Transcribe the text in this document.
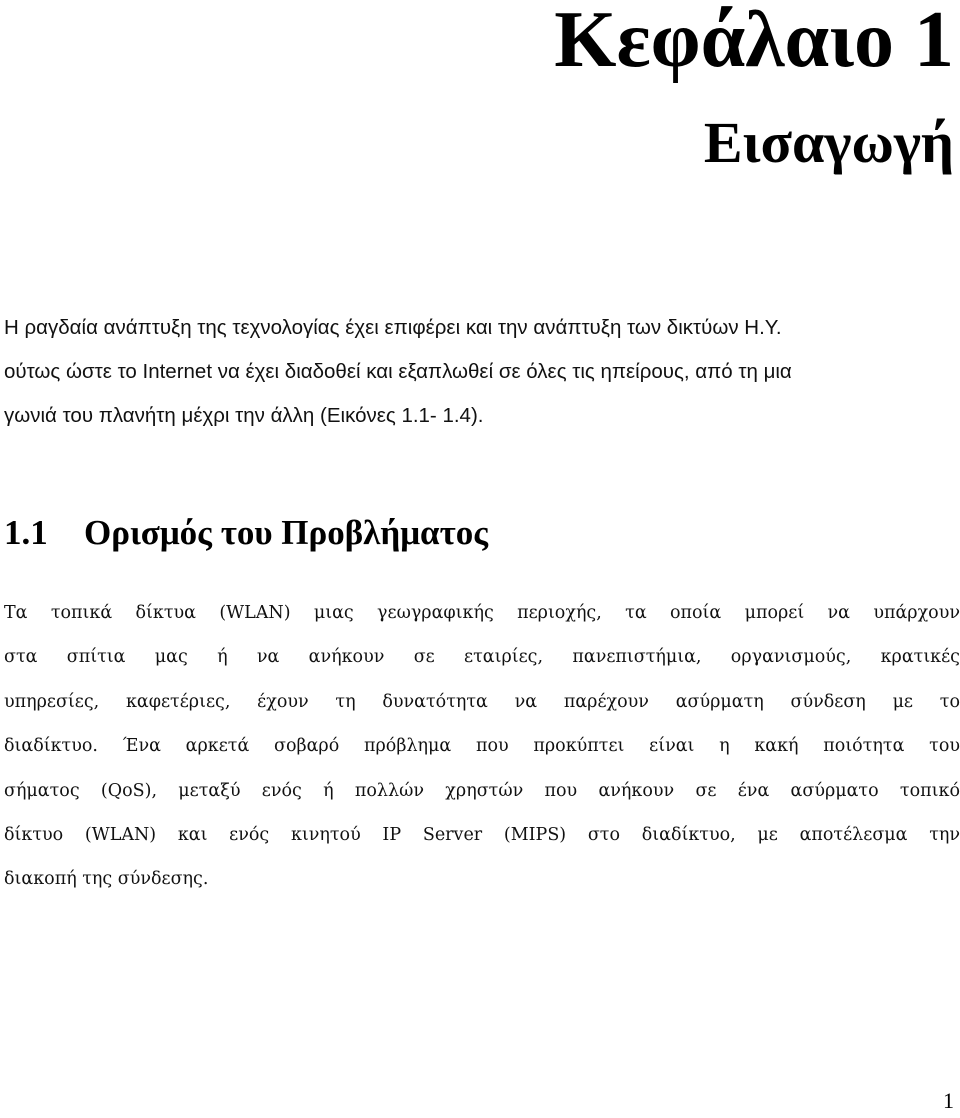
Κεφάλαιο 1
Εισαγωγή

Η ραγδαία ανάπτυξη της τεχνολογίας έχει επιφέρει και την ανάπτυξη των δικτύων Η.Υ.
ούτως ώστε το Internet να έχει διαδοθεί και εξαπλωθεί σε όλες τις ηπείρους, από τη μια
γωνιά του πλανήτη μέχρι την άλλη (Εικόνες 1.1- 1.4).

1.1 Ορισμός του Προβλήματος

Τα τοπικά δίκτυα (WLAN) μιας γεωγραφικής περιοχής, τα οποία μπορεί να υπάρχουν
στα σπίτια μας ή να ανήκουν σε εταιρίες, πανεπιστήμια, οργανισμούς, κρατικές
υπηρεσίες, καφετέριες, έχουν τη δυνατότητα να παρέχουν ασύρματη σύνδεση με το
διαδίκτυο. Ένα αρκετά σοβαρό πρόβλημα που προκύπτει είναι η κακή ποιότητα του
σήματος (QoS), μεταξύ ενός ή πολλών χρηστών που ανήκουν σε ένα ασύρματο τοπικό
δίκτυο (WLAN) και ενός κινητού IP Server (MIPS) στο διαδίκτυο, με αποτέλεσμα την
διακοπή της σύνδεσης.

1
